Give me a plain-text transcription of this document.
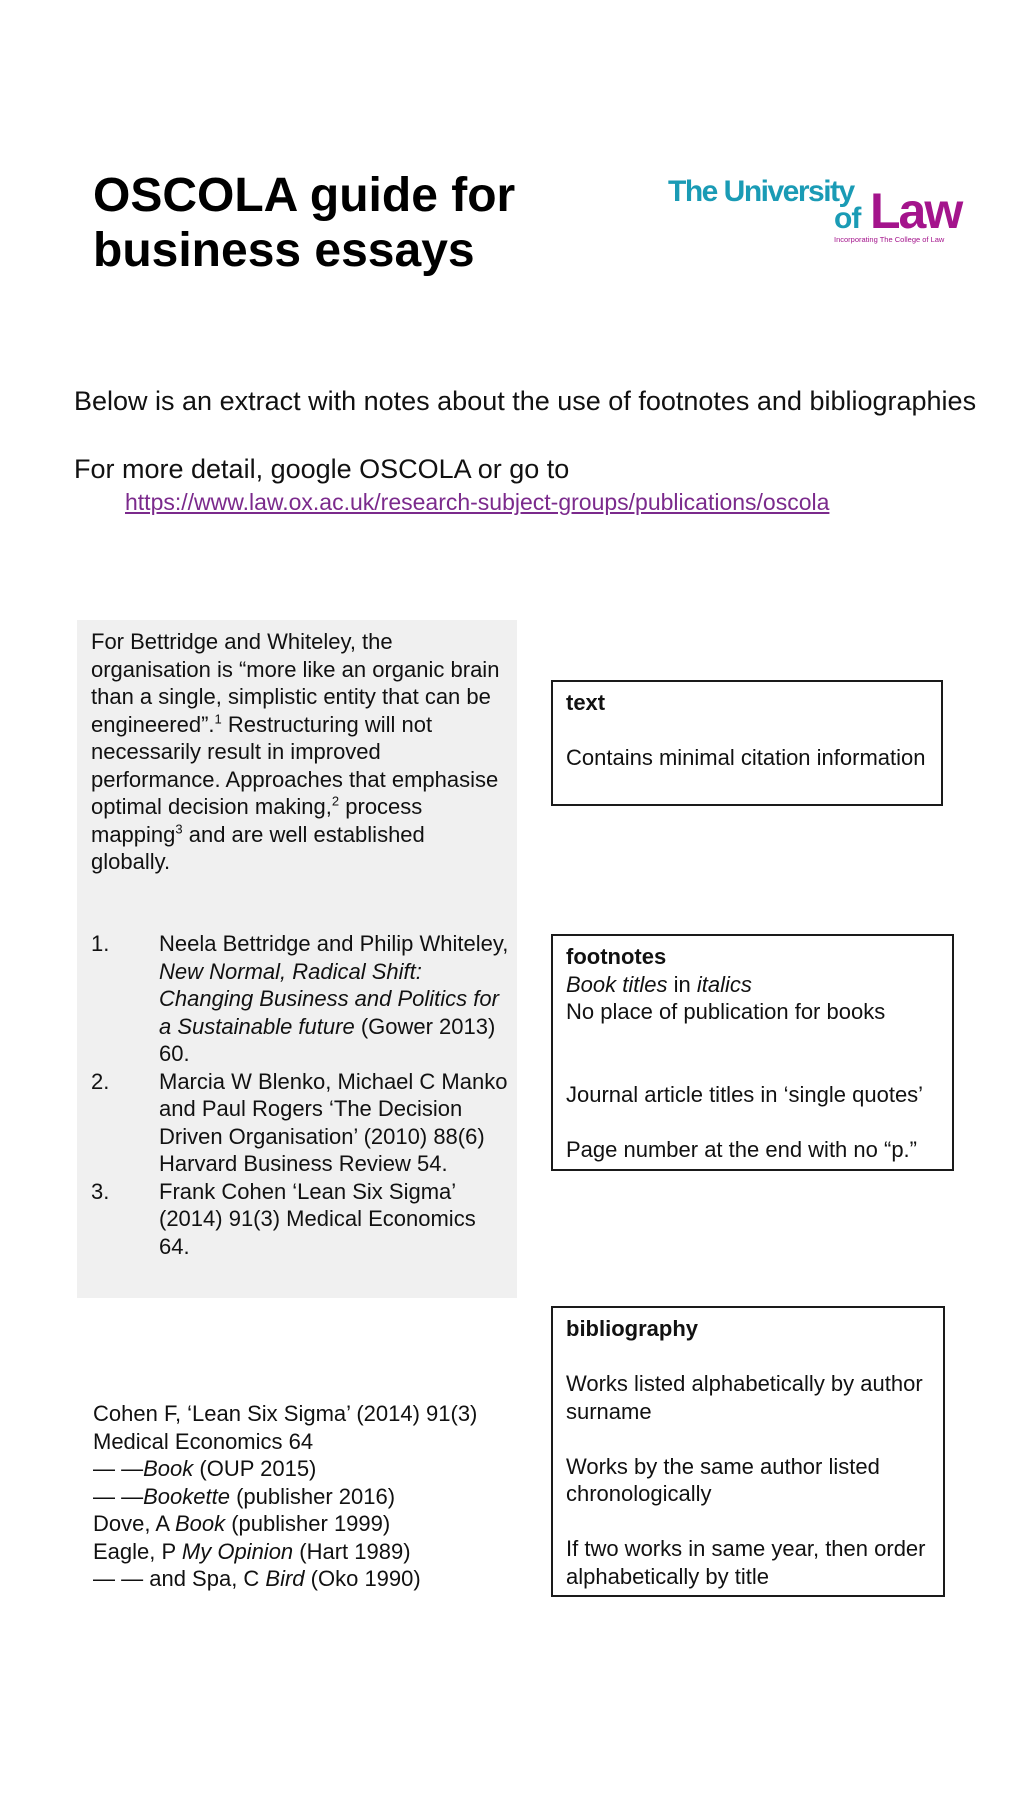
OSCOLA guide for business essays
The University
of Law
Incorporating The College of Law
Below is an extract with notes about the use of footnotes and bibliographies
For more detail, google OSCOLA or go to
https://www.law.ox.ac.uk/research-subject-groups/publications/oscola
For Bettridge and Whiteley, the organisation is “more like an organic brain than a single, simplistic entity that can be engineered”.$^1$ Restructuring will not necessarily result in improved performance. Approaches that emphasise optimal decision making,$^2$ process mapping$^3$ and are well established globally.
1. Neela Bettridge and Philip Whiteley, New Normal, Radical Shift: Changing Business and Politics for a Sustainable future (Gower 2013) 60.
2. Marcia W Blenko, Michael C Manko and Paul Rogers ‘The Decision Driven Organisation’ (2010) 88(6) Harvard Business Review 54.
3. Frank Cohen ‘Lean Six Sigma’ (2014) 91(3) Medical Economics 64.
Cohen F, ‘Lean Six Sigma’ (2014) 91(3) Medical Economics 64
— —Book (OUP 2015)
— —Bookette (publisher 2016)
Dove, A Book (publisher 1999)
Eagle, P My Opinion (Hart 1989)
— — and Spa, C Bird (Oko 1990)
text
Contains minimal citation information
footnotes
Book titles in italics
No place of publication for books
Journal article titles in ‘single quotes’
Page number at the end with no “p.”
bibliography
Works listed alphabetically by author surname
Works by the same author listed chronologically
If two works in same year, then order alphabetically by title
